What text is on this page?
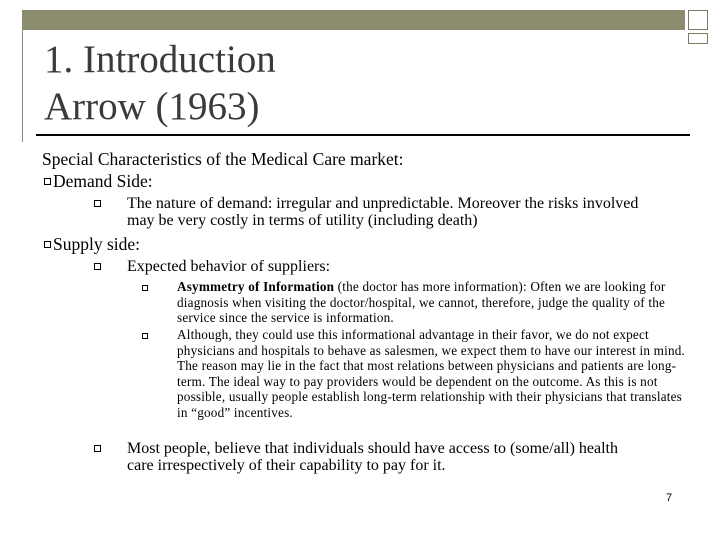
1. Introduction
Arrow (1963)
Special Characteristics of the Medical Care market:
Demand Side:
The nature of demand: irregular and unpredictable. Moreover the risks involved may be very costly in terms of utility (including death)
Supply side:
Expected behavior of suppliers:
Asymmetry of Information (the doctor has more information): Often we are looking for diagnosis when visiting the doctor/hospital, we cannot, therefore, judge the quality of the service since the service is information.
Although, they could use this informational advantage in their favor, we do not expect physicians and hospitals to behave as salesmen, we expect them to have our interest in mind. The reason may lie in the fact that most relations between physicians and patients are long-term. The ideal way to pay providers would be dependent on the outcome. As this is not possible, usually people establish long-term relationship with their physicians that translates in “good” incentives.
Most people, believe that individuals should have access to (some/all) health care irrespectively of their capability to pay for it.
7
